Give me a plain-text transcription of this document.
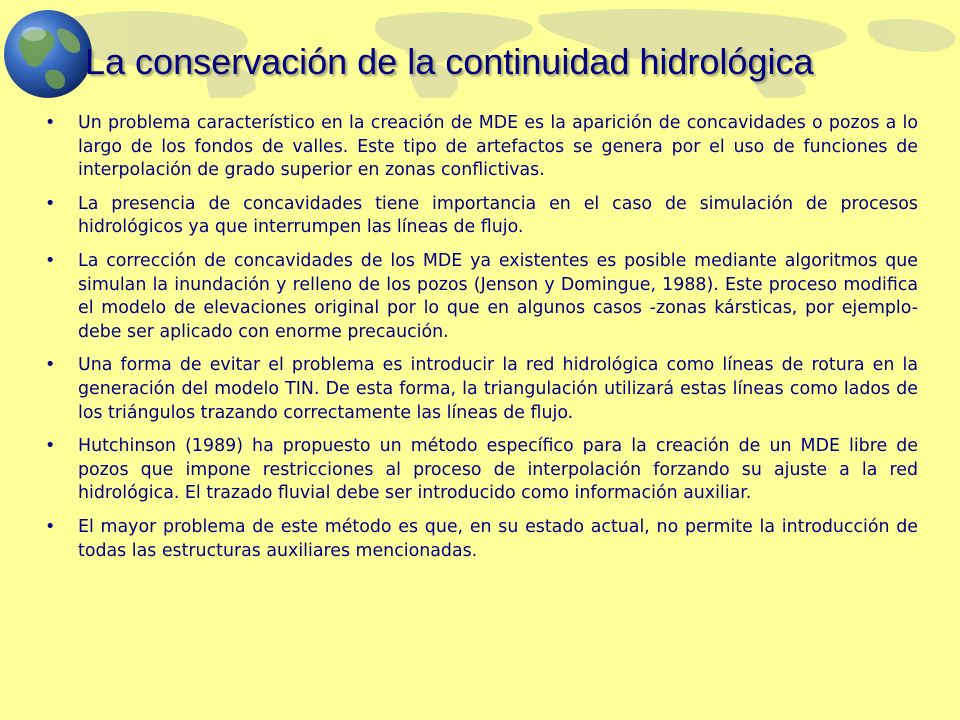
La conservación de la continuidad hidrológica
• Un problema característico en la creación de MDE es la aparición de concavidades o pozos a lo largo de los fondos de valles. Este tipo de artefactos se genera por el uso de funciones de interpolación de grado superior en zonas conflictivas.
• La presencia de concavidades tiene importancia en el caso de simulación de procesos hidrológicos ya que interrumpen las líneas de flujo.
• La corrección de concavidades de los MDE ya existentes es posible mediante algoritmos que simulan la inundación y relleno de los pozos (Jenson y Domingue, 1988). Este proceso modifica el modelo de elevaciones original por lo que en algunos casos -zonas kársticas, por ejemplo- debe ser aplicado con enorme precaución.
• Una forma de evitar el problema es introducir la red hidrológica como líneas de rotura en la generación del modelo TIN. De esta forma, la triangulación utilizará estas líneas como lados de los triángulos trazando correctamente las líneas de flujo.
• Hutchinson (1989) ha propuesto un método específico para la creación de un MDE libre de pozos que impone restricciones al proceso de interpolación forzando su ajuste a la red hidrológica. El trazado fluvial debe ser introducido como información auxiliar.
• El mayor problema de este método es que, en su estado actual, no permite la introducción de todas las estructuras auxiliares mencionadas.
